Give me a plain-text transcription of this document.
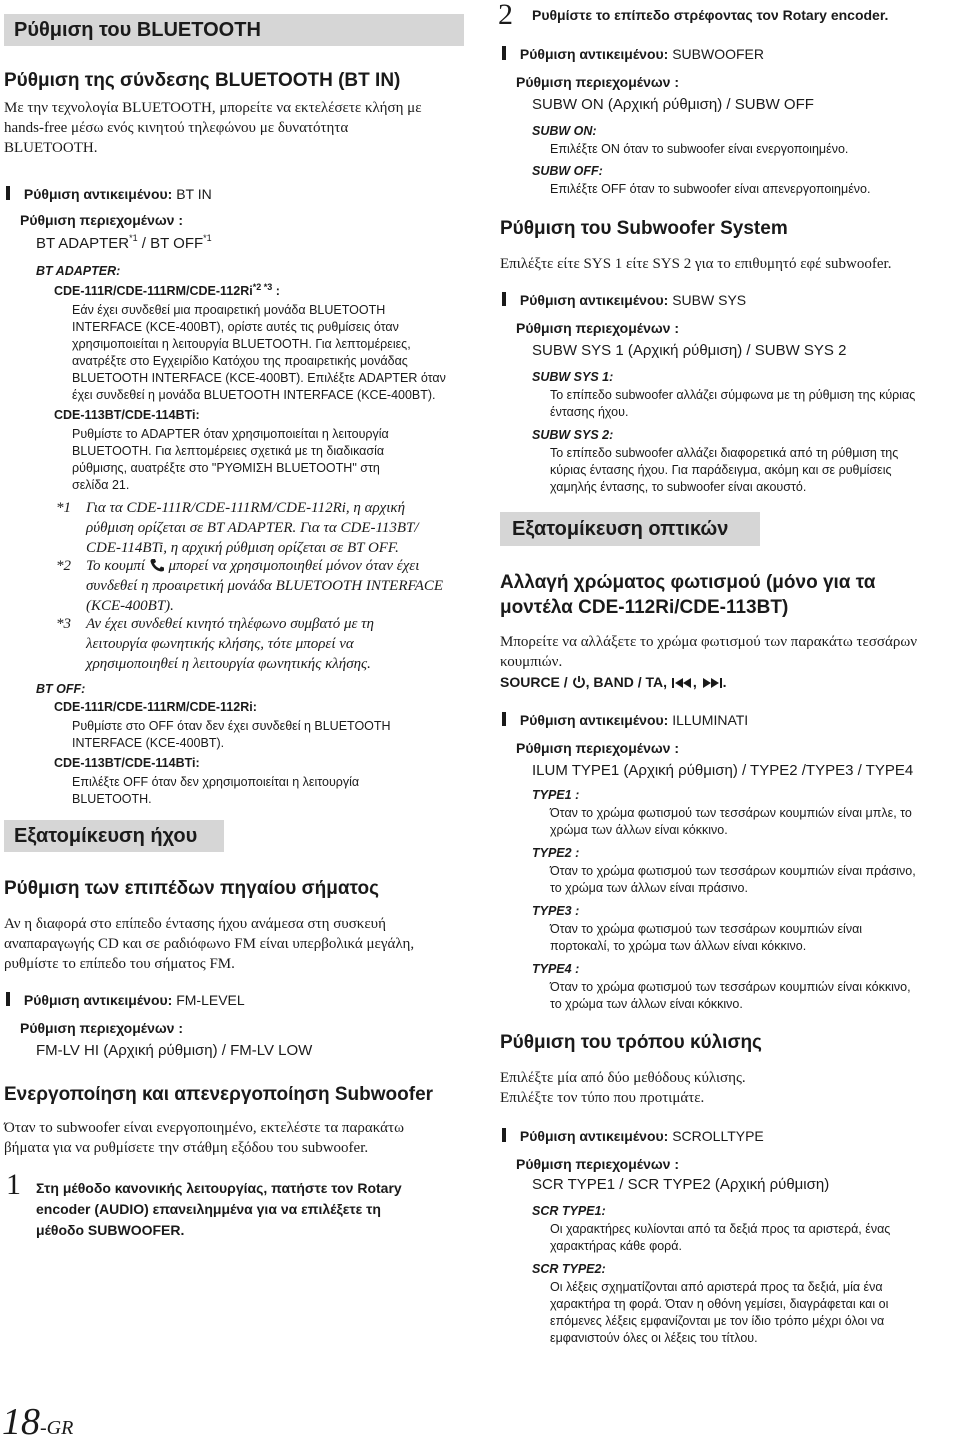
Ρύθμιση του BLUETOOTH
Ρύθμιση της σύνδεσης BLUETOOTH (BT IN)
Με την τεχνολογία BLUETOOTH, μπορείτε να εκτελέσετε κλήση με
hands-free μέσω ενός κινητού τηλεφώνου με δυνατότητα
BLUETOOTH.
Ρύθμιση αντικειμένου: BT IN
Ρύθμιση περιεχομένων :
BT ADAPTER$^{*1}$ / BT OFF$^{*1}$
BT ADAPTER:
CDE-$111R/CDE-111RM/CDE-112Ri^{*2 *3}$ :
Εάν έχει συνδεθεί μια προαιρετική μονάδα BLUETOOTH
INTERFACE (KCE-400BT), ορίστε αυτές τις ρυθμίσεις όταν
χρησιμοποιείται η λειτουργία BLUETOOTH. Για λεπτομέρειες,
ανατρέξτε στο Εγχειρίδιο Κατόχου της προαιρετικής μονάδας
BLUETOOTH INTERFACE (KCE-400BT). Επιλέξτε ADAPTER όταν
έχει συνδεθεί η μονάδα BLUETOOTH INTERFACE (KCE-400BT).
CDE-113BT/CDE-114BTi:
Ρυθμίστε το ADAPTER όταν χρησιμοποιείται η λειτουργία
BLUETOOTH. Για λεπτομέρειες σχετικά με τη διαδικασία
ρύθμισης, αυατρέξτε στο "ΡΥΘΜΙΣΗ BLUETOOTH" στη
σελίδα 21.
*1 Για τα CDE-111R/CDE-111RM/CDE-112Ri, η αρχική
ρύθμιση ορίζεται σε BT ADAPTER. Για τα CDE-113BT/
CDE-114BTi, η αρχική ρύθμιση ορίζεται σε BT OFF.
*2 Το κουμπί μπορεί να χρησιμοποιηθεί μόνον όταν έχει
συνδεθεί η προαιρετική μονάδα BLUETOOTH INTERFACE
(KCE-400BT).
*3 Αν έχει συνδεθεί κινητό τηλέφωνο συμβατό με τη
λειτουργία φωνητικής κλήσης, τότε μπορεί να
χρησιμοποιηθεί η λειτουργία φωνητικής κλήσης.
BT OFF:
CDE-111R/CDE-111RM/CDE-112Ri:
Ρυθμίστε στο OFF όταν δεν έχει συνδεθεί η BLUETOOTH
INTERFACE (KCE-400BT).
CDE-113BT/CDE-114BTi:
Επιλέξτε OFF όταν δεν χρησιμοποιείται η λειτουργία
BLUETOOTH.
Εξατομίκευση ήχου
Ρύθμιση των επιπέδων πηγαίου σήματος
Αν η διαφορά στο επίπεδο έντασης ήχου ανάμεσα στη συσκευή
αναπαραγωγής CD και σε ραδιόφωνο FM είναι υπερβολικά μεγάλη,
ρυθμίστε το επίπεδο του σήματος FM.
Ρύθμιση αντικειμένου: FM-LEVEL
Ρύθμιση περιεχομένων :
FM-LV HI (Αρχική ρύθμιση) / FM-LV LOW
Ενεργοποίηση και απενεργοποίηση Subwoofer
Όταν το subwoofer είναι ενεργοποιημένο, εκτελέστε τα παρακάτω
βήματα για να ρυθμίσετε την στάθμη εξόδου του subwoofer.
1 Στη μέθοδο κανονικής λειτουργίας, πατήστε τον Rotary
encoder (AUDIO) επανειλημμένα για να επιλέξετε τη
μέθοδο SUBWOOFER.
18-GR
2 Ρυθμίστε το επίπεδο στρέφοντας τον Rotary encoder.
Ρύθμιση αντικειμένου: SUBWOOFER
Ρύθμιση περιεχομένων :
SUBW ON (Αρχική ρύθμιση) / SUBW OFF
SUBW ON:
Επιλέξτε ON όταν το subwoofer είναι ενεργοποιημένο.
SUBW OFF:
Επιλέξτε OFF όταν το subwoofer είναι απενεργοποιημένο.
Ρύθμιση του Subwoofer System
Επιλέξτε είτε SYS 1 είτε SYS 2 για το επιθυμητό εφέ subwoofer.
Ρύθμιση αντικειμένου: SUBW SYS
Ρύθμιση περιεχομένων :
SUBW SYS 1 (Αρχική ρύθμιση) / SUBW SYS 2
SUBW SYS 1:
Το επίπεδο subwoofer αλλάζει σύμφωνα με τη ρύθμιση της κύριας
έντασης ήχου.
SUBW SYS 2:
Το επίπεδο subwoofer αλλάζει διαφορετικά από τη ρύθμιση της
κύριας έντασης ήχου. Για παράδειγμα, ακόμη και σε ρυθμίσεις
χαμηλής έντασης, το subwoofer είναι ακουστό.
Εξατομίκευση οπτικών
Αλλαγή χρώματος φωτισμού (μόνο για τα
μοντέλα CDE-112Ri/CDE-113BT)
Μπορείτε να αλλάξετε το χρώμα φωτισμού των παρακάτω τεσσάρων
κουμπιών.
SOURCE / , BAND / TA, , .
Ρύθμιση αντικειμένου: ILLUMINATI
Ρύθμιση περιεχομένων :
ILUM TYPE1 (Αρχική ρύθμιση) / TYPE2 /TYPE3 / TYPE4
TYPE1 :
Όταν το χρώμα φωτισμού των τεσσάρων κουμπιών είναι μπλε, το
χρώμα των άλλων είναι κόκκινο.
TYPE2 :
Όταν το χρώμα φωτισμού των τεσσάρων κουμπιών είναι πράσινο,
το χρώμα των άλλων είναι πράσινο.
TYPE3 :
Όταν το χρώμα φωτισμού των τεσσάρων κουμπιών είναι
πορτοκαλί, το χρώμα των άλλων είναι κόκκινο.
TYPE4 :
Όταν το χρώμα φωτισμού των τεσσάρων κουμπιών είναι κόκκινο,
το χρώμα των άλλων είναι κόκκινο.
Ρύθμιση του τρόπου κύλισης
Επιλέξτε μία από δύο μεθόδους κύλισης.
Επιλέξτε τον τύπο που προτιμάτε.
Ρύθμιση αντικειμένου: SCROLLTYPE
Ρύθμιση περιεχομένων :
SCR TYPE1 / SCR TYPE2 (Αρχική ρύθμιση)
SCR TYPE1:
Οι χαρακτήρες κυλίονται από τα δεξιά προς τα αριστερά, ένας
χαρακτήρας κάθε φορά.
SCR TYPE2:
Οι λέξεις σχηματίζονται από αριστερά προς τα δεξιά, μία ένα
χαρακτήρα τη φορά. Όταν η οθόνη γεμίσει, διαγράφεται και οι
επόμενες λέξεις εμφανίζονται με τον ίδιο τρόπο μέχρι όλοι να
εμφανιστούν όλες οι λέξεις του τίτλου.
